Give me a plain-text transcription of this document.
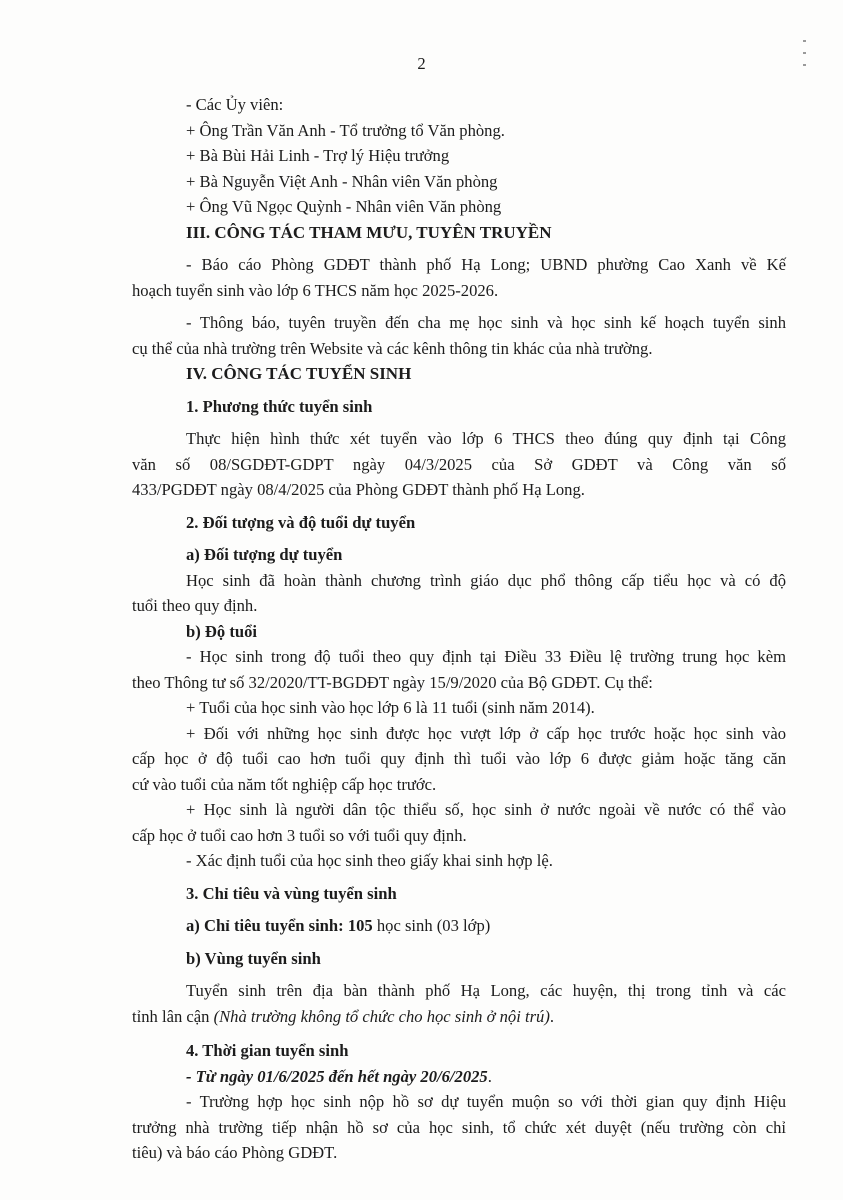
2

- Các Ủy viên:

+ Ông Trần Văn Anh - Tổ trưởng tổ Văn phòng.

+ Bà Bùi Hải Linh - Trợ lý Hiệu trưởng

+ Bà Nguyễn Việt Anh - Nhân viên Văn phòng

+ Ông Vũ Ngọc Quỳnh - Nhân viên Văn phòng

III. CÔNG TÁC THAM MƯU, TUYÊN TRUYỀN

- Báo cáo Phòng GDĐT thành phố Hạ Long; UBND phường Cao Xanh về Kế

hoạch tuyển sinh vào lớp 6 THCS năm học 2025-2026.

- Thông báo, tuyên truyền đến cha mẹ học sinh và học sinh kế hoạch tuyển sinh

cụ thể của nhà trường trên Website và các kênh thông tin khác của nhà trường.

IV. CÔNG TÁC TUYỂN SINH

1. Phương thức tuyển sinh

Thực hiện hình thức xét tuyển vào lớp 6 THCS theo đúng quy định tại Công

văn số 08/SGDĐT-GDPT ngày 04/3/2025 của Sở GDĐT và Công văn số

433/PGDĐT ngày 08/4/2025 của Phòng GDĐT thành phố Hạ Long.

2. Đối tượng và độ tuổi dự tuyển

a) Đối tượng dự tuyển

Học sinh đã hoàn thành chương trình giáo dục phổ thông cấp tiểu học và có độ

tuổi theo quy định.

b) Độ tuổi

- Học sinh trong độ tuổi theo quy định tại Điều 33 Điều lệ trường trung học kèm

theo Thông tư số 32/2020/TT-BGDĐT ngày 15/9/2020 của Bộ GDĐT. Cụ thể:

+ Tuổi của học sinh vào học lớp 6 là 11 tuổi (sinh năm 2014).

+ Đối với những học sinh được học vượt lớp ở cấp học trước hoặc học sinh vào

cấp học ở độ tuổi cao hơn tuổi quy định thì tuổi vào lớp 6 được giảm hoặc tăng căn

cứ vào tuổi của năm tốt nghiệp cấp học trước.

+ Học sinh là người dân tộc thiểu số, học sinh ở nước ngoài về nước có thể vào

cấp học ở tuổi cao hơn 3 tuổi so với tuổi quy định.

- Xác định tuổi của học sinh theo giấy khai sinh hợp lệ.

3. Chỉ tiêu và vùng tuyển sinh

a) Chỉ tiêu tuyển sinh: 105 học sinh (03 lớp)

b) Vùng tuyển sinh

Tuyển sinh trên địa bàn thành phố Hạ Long, các huyện, thị trong tỉnh và các

tỉnh lân cận (Nhà trường không tổ chức cho học sinh ở nội trú).

4. Thời gian tuyển sinh

- Từ ngày 01/6/2025 đến hết ngày 20/6/2025.

- Trường hợp học sinh nộp hồ sơ dự tuyển muộn so với thời gian quy định Hiệu

trưởng nhà trường tiếp nhận hồ sơ của học sinh, tổ chức xét duyệt (nếu trường còn chỉ

tiêu) và báo cáo Phòng GDĐT.
